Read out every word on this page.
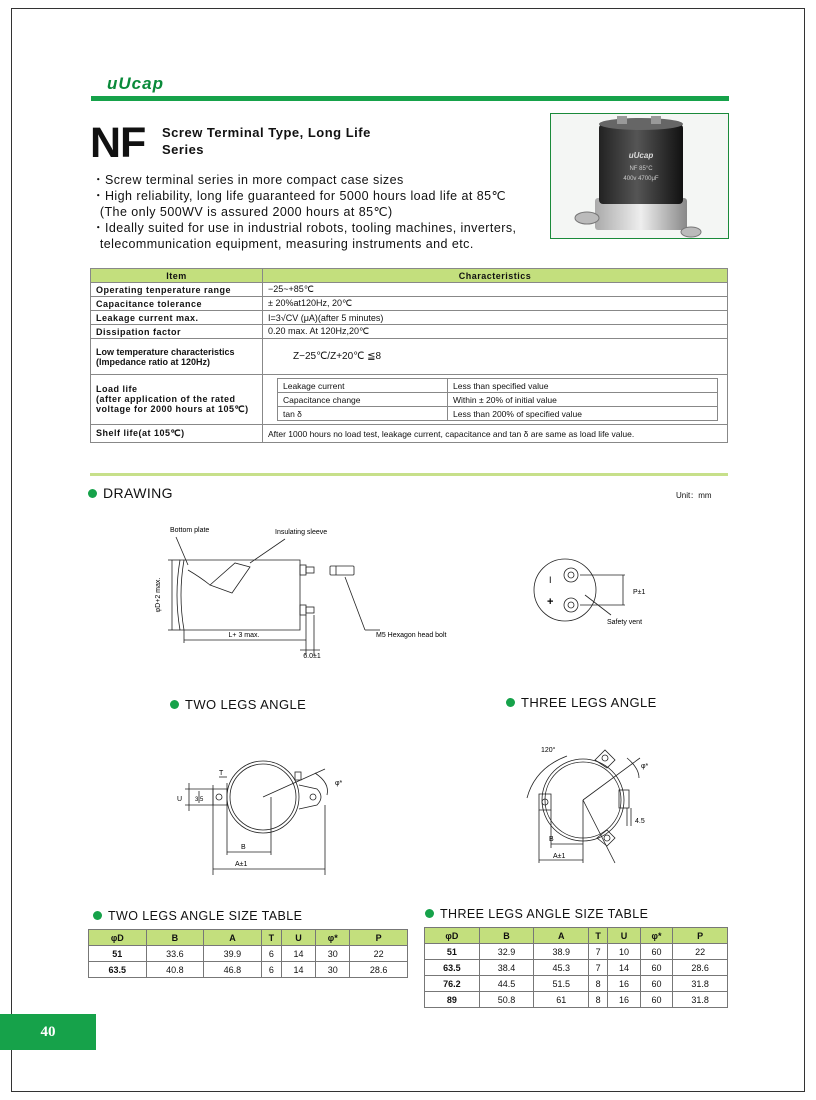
uUcap
NF Screw Terminal Type, Long Life Series	uUcap
NF 85°C
400v 4700μF
・Screw terminal series in more compact case sizes
・High reliability, long life guaranteed for 5000 hours load life at 85℃
(The only 500WV is assured 2000 hours at 85℃)
・Ideally suited for use in industrial robots, tooling machines, inverters,
telecommunication equipment, measuring instruments and etc.
Item	Characteristics
Operating tenperature range	−25~+85℃
Capacitance tolerance	± 20%at120Hz, 20℃
Leakage current max.	I=3√CV (μA)(after 5 minutes)
Dissipation factor	0.20 max. At 120Hz,20℃

Low temperature characteristics
(Impedance ratio at 120Hz)	Z−25℃/Z+20℃ ≦8

Load life
(after application of the rated
voltage for 2000 hours at 105℃)

Leakage current	Less than specified value
Capacitance change	Within ± 20% of initial value
tan δ	Less than 200% of specified value

Shelf life(at 105℃)	After 1000 hours no load test, leakage current, capacitance and tan δ are same as load life value.
DRAWING	Unit：mm
Bottom plate	Insulating sleeve
φD+2 max.
L+ 3 max.	M5 Hexagon head bolt
6.0±1
I
+
P±1
Safety vent
TWO LEGS ANGLE	THREE LEGS ANGLE
T
U 3.5
B
A±1
φ*
120°
φ*
4.5
B
A±1
TWO LEGS ANGLE SIZE TABLE
φD	B	A	T	U	φ*	P
51	33.6	39.9	6	14	30	22
63.5	40.8	46.8	6	14	30	28.6
THREE LEGS ANGLE SIZE TABLE
φD	B	A	T	U	φ*	P
51	32.9	38.9	7	10	60	22
63.5	38.4	45.3	7	14	60	28.6
76.2	44.5	51.5	8	16	60	31.8
89	50.8	61	8	16	60	31.8
40
